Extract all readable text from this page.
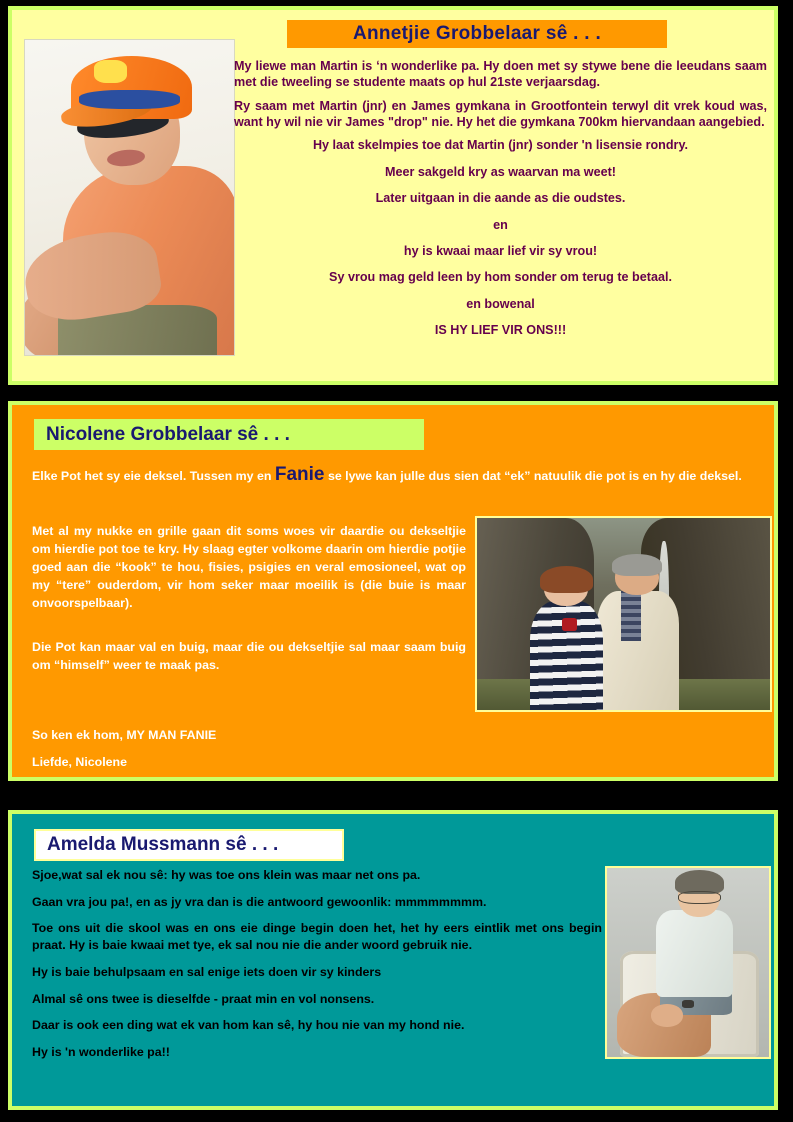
Annetjie Grobbelaar sê . . .

My liewe man Martin is ʻn wonderlike pa. Hy doen met sy stywe bene die leeudans saam met die tweeling se studente maats op hul 21ste verjaarsdag.

Ry saam met Martin (jnr) en James gymkana in Grootfontein terwyl dit vrek koud was, want hy wil nie vir James "drop" nie. Hy het die gymkana 700km hiervandaan aangebied.

Hy laat skelmpies toe dat Martin (jnr) sonder 'n lisensie rondry.

Meer sakgeld kry as waarvan ma weet!

Later uitgaan in die aande as die oudstes.

en

hy is kwaai maar lief vir sy vrou!

Sy vrou mag geld leen by hom sonder om terug te betaal.

en bowenal

IS HY LIEF VIR ONS!!!

Nicolene Grobbelaar sê . . .
Elke Pot het sy eie deksel. Tussen my en Fanie se lywe kan julle dus sien dat “ek” natuulik die pot is en hy die deksel.

Met al my nukke en grille gaan dit soms woes vir daardie ou dekseltjie om hierdie pot toe te kry. Hy slaag egter volkome daarin om hierdie potjie goed aan die “kook” te hou, fisies, psigies en veral emosioneel, wat op my “tere” ouderdom, vir hom seker maar moeilik is (die buie is maar onvoorspelbaar).

Die Pot kan maar val en buig, maar die ou dekseltjie sal maar saam buig om “himself” weer te maak pas.

So ken ek hom, MY MAN FANIE

Liefde, Nicolene

Amelda Mussmann sê . . .

Sjoe,wat sal ek nou sê: hy was toe ons klein was maar net ons pa.

Gaan vra jou pa!, en as jy vra dan is die antwoord gewoonlik: mmmmmmmm.

Toe ons uit die skool was en ons eie dinge begin doen het, het hy eers eintlik met ons begin praat. Hy is baie kwaai met tye, ek sal nou nie die ander woord gebruik nie.

Hy is baie behulpsaam en sal enige iets doen vir sy kinders

Almal sê ons twee is dieselfde - praat min en vol nonsens.

Daar is ook een ding wat ek van hom kan sê, hy hou nie van my hond nie.

Hy is 'n wonderlike pa!!
